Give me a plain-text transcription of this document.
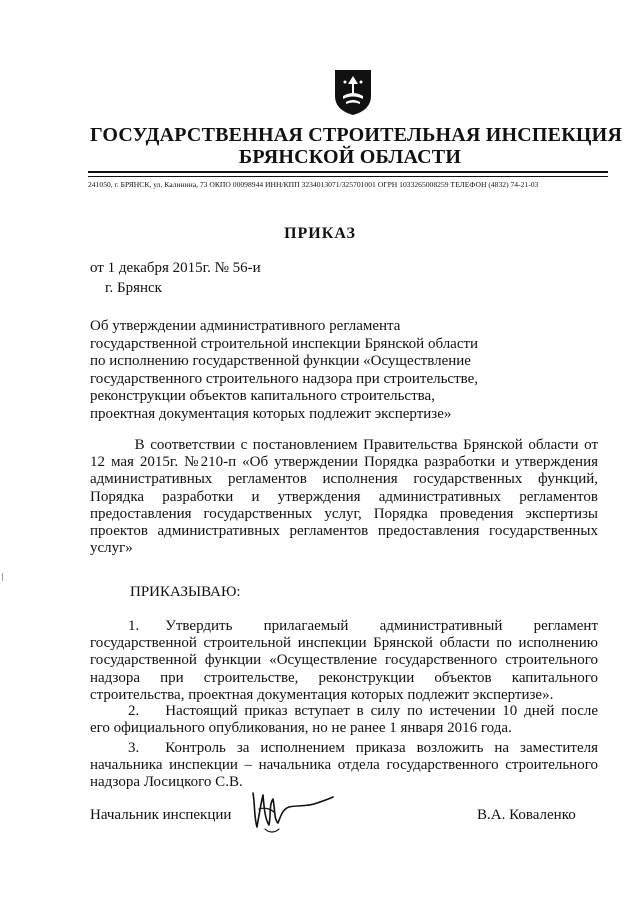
ГОСУДАРСТВЕННАЯ СТРОИТЕЛЬНАЯ ИНСПЕКЦИЯ
БРЯНСКОЙ ОБЛАСТИ
241050, г. БРЯНСК, ул. Калинина, 73 ОКПО 00098944 ИНН/КПП 3234013071/325701001 ОГРН 1033265008259 ТЕЛЕФОН (4832) 74-21-03
ПРИКАЗ
от 1 декабря 2015г. № 56-и
г. Брянск
Об утверждении административного регламента
государственной строительной инспекции Брянской области
по исполнению государственной функции «Осуществление
государственного строительного надзора при строительстве,
реконструкции объектов капитального строительства,
проектная документация которых подлежит экспертизе»
В соответствии с постановлением Правительства Брянской области от
12 мая 2015г. №210-п «Об утверждении Порядка разработки и утверждения
административных регламентов исполнения государственных функций,
Порядка разработки и утверждения административных регламентов
предоставления государственных услуг, Порядка проведения экспертизы
проектов административных регламентов предоставления государственных
услуг»
ПРИКАЗЫВАЮ:
1. Утвердить прилагаемый административный регламент
государственной строительной инспекции Брянской области по исполнению
государственной функции «Осуществление государственного строительного
надзора при строительстве, реконструкции объектов капитального
строительства, проектная документация которых подлежит экспертизе».
2. Настоящий приказ вступает в силу по истечении 10 дней после
его официального опубликования, но не ранее 1 января 2016 года.
3. Контроль за исполнением приказа возложить на заместителя
начальника инспекции – начальника отдела государственного строительного
надзора Лосицкого С.В.
Начальник инспекции	В.А. Коваленко
